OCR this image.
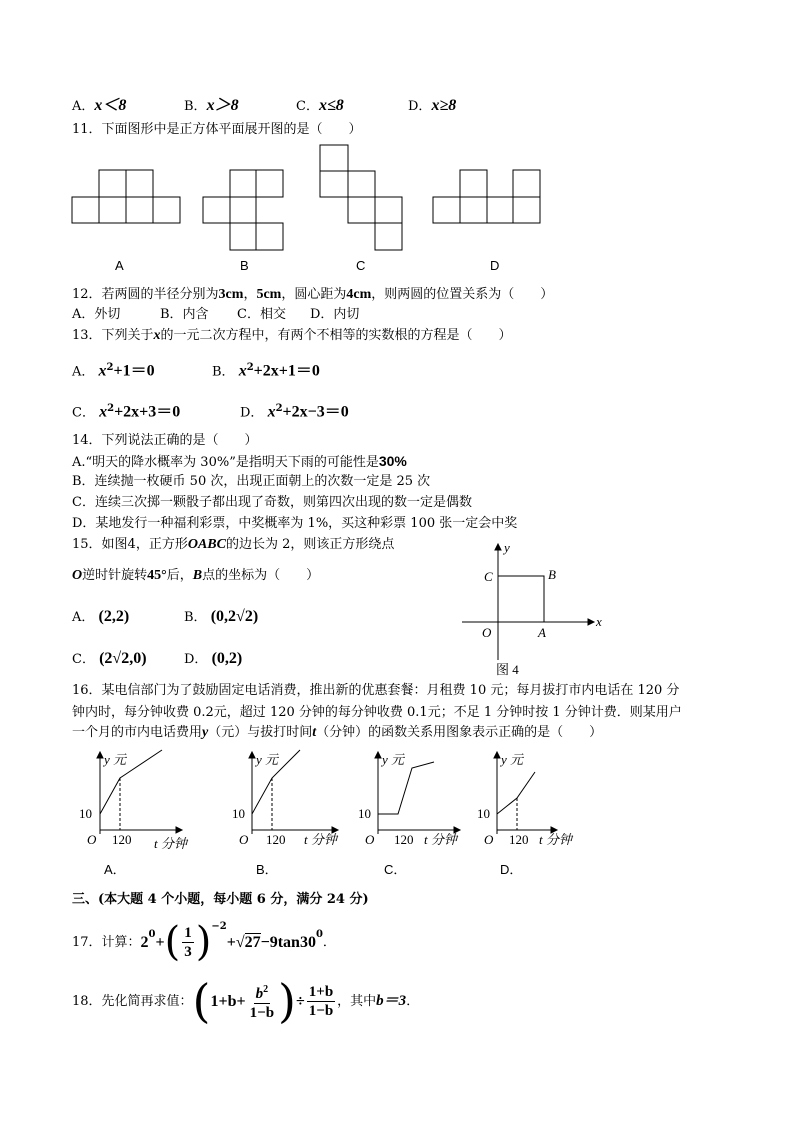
A．x＜8	B．x＞8	C．x≤8	D．x≥8
11．下面图形中是正方体平面展开图的是（　　）
A	B	C	D
12．若两圆的半径分别为3cm，5cm，圆心距为4cm，则两圆的位置关系为（　　）
A．外切	B．内含 C．相交 D．内切
13．下列关于x的一元二次方程中，有两个不相等的实数根的方程是（　　）
A． $x^2+1=0$	B． $x^2+2x+1=0$
C． $x^2+2x+3=0$	D． $x^2+2x-3=0$
14．下列说法正确的是（　　）
A.“明天的降水概率为 30%”是指明天下雨的可能性是30%
B．连续抛一枚硬币 50 次，出现正面朝上的次数一定是 25 次
C．连续三次掷一颗骰子都出现了奇数，则第四次出现的数一定是偶数
D．某地发行一种福利彩票，中奖概率为 1%，买这种彩票 100 张一定会中奖
15．如图4，正方形OABC的边长为 2，则该正方形绕点
O逆时针旋转45°后，B点的坐标为（　　）
A． (2,2)	B． (0,2√2)
C． (2√2,0)	D． (0,2)
y
x
C	B
O	A
图 4
16．某电信部门为了鼓励固定电话消费，推出新的优惠套餐：月租费 10 元；每月拔打市内电话在 120 分
钟内时，每分钟收费 0.2元，超过 120 分钟的每分钟收费 0.1元；不足 1 分钟时按 1 分钟计费．则某用户
一个月的市内电话费用y（元）与拔打时间t（分钟）的函数关系用图象表示正确的是（　　）
y 元
10
O 120 t 分钟
y 元
10
O 120 t 分钟
y 元
10
O 120 t 分钟
y 元
10
O 120 t 分钟
A．	B．	C．	D．
三、(本大题 4 个小题，每小题 6 分，满分 24 分)
17．计算： $2^0$ + ( $\frac{1}{3} )^{-2}$
+ √ $27 -9\tan 30^0$
．
18．先化简再求值： ( $1+b+ \frac{b^2}{1-b}$ ) ÷ $\frac{1+b}{1-b}$ ，其中 b＝3 ．
